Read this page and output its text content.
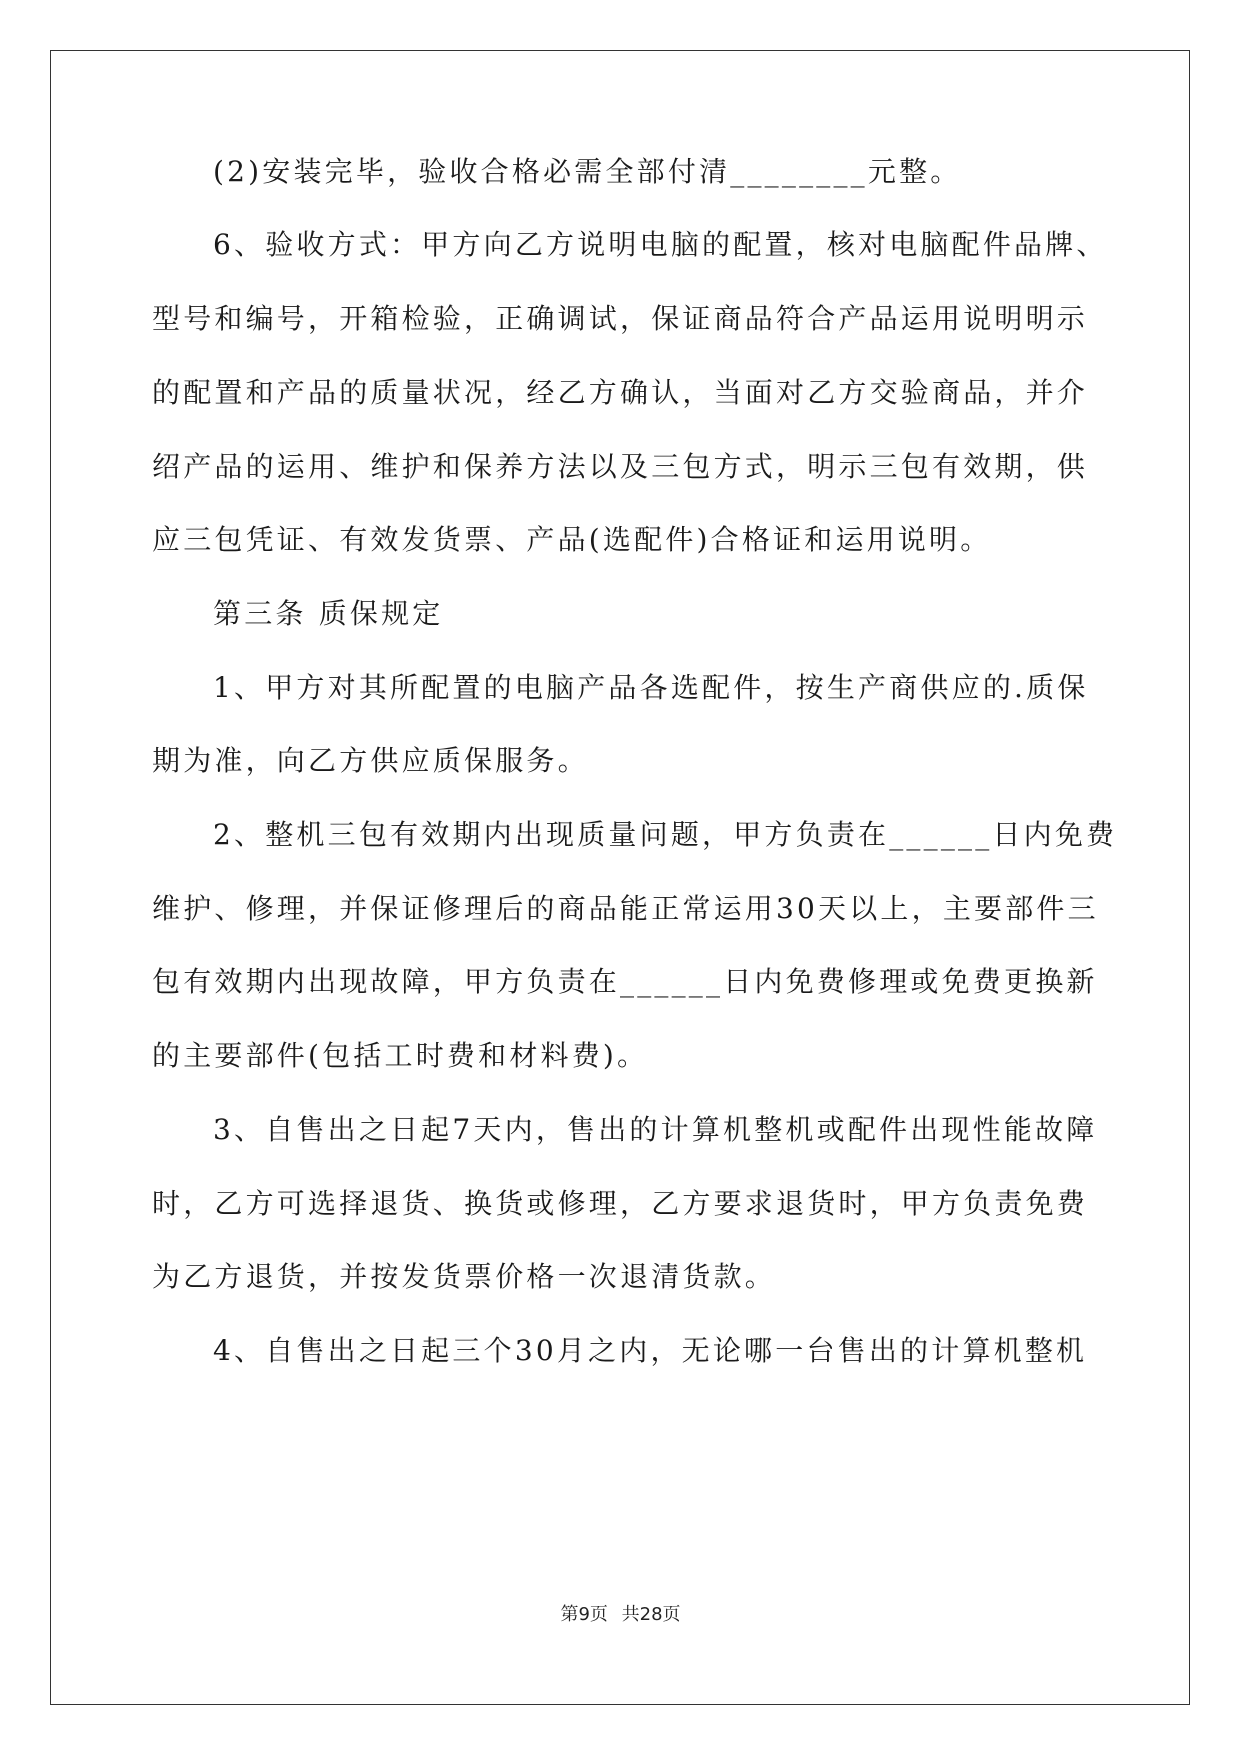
(2)安装完毕，验收合格必需全部付清________元整。
6、验收方式：甲方向乙方说明电脑的配置，核对电脑配件品牌、
型号和编号，开箱检验，正确调试，保证商品符合产品运用说明明示
的配置和产品的质量状况，经乙方确认，当面对乙方交验商品，并介
绍产品的运用、维护和保养方法以及三包方式，明示三包有效期，供
应三包凭证、有效发货票、产品(选配件)合格证和运用说明。
第三条 质保规定
1、甲方对其所配置的电脑产品各选配件，按生产商供应的.质保
期为准，向乙方供应质保服务。
2、整机三包有效期内出现质量问题，甲方负责在______日内免费
维护、修理，并保证修理后的商品能正常运用30天以上，主要部件三
包有效期内出现故障，甲方负责在______日内免费修理或免费更换新
的主要部件(包括工时费和材料费)。
3、自售出之日起7天内，售出的计算机整机或配件出现性能故障
时，乙方可选择退货、换货或修理，乙方要求退货时，甲方负责免费
为乙方退货，并按发货票价格一次退清货款。
4、自售出之日起三个30月之内，无论哪一台售出的计算机整机
第9页 共28页
